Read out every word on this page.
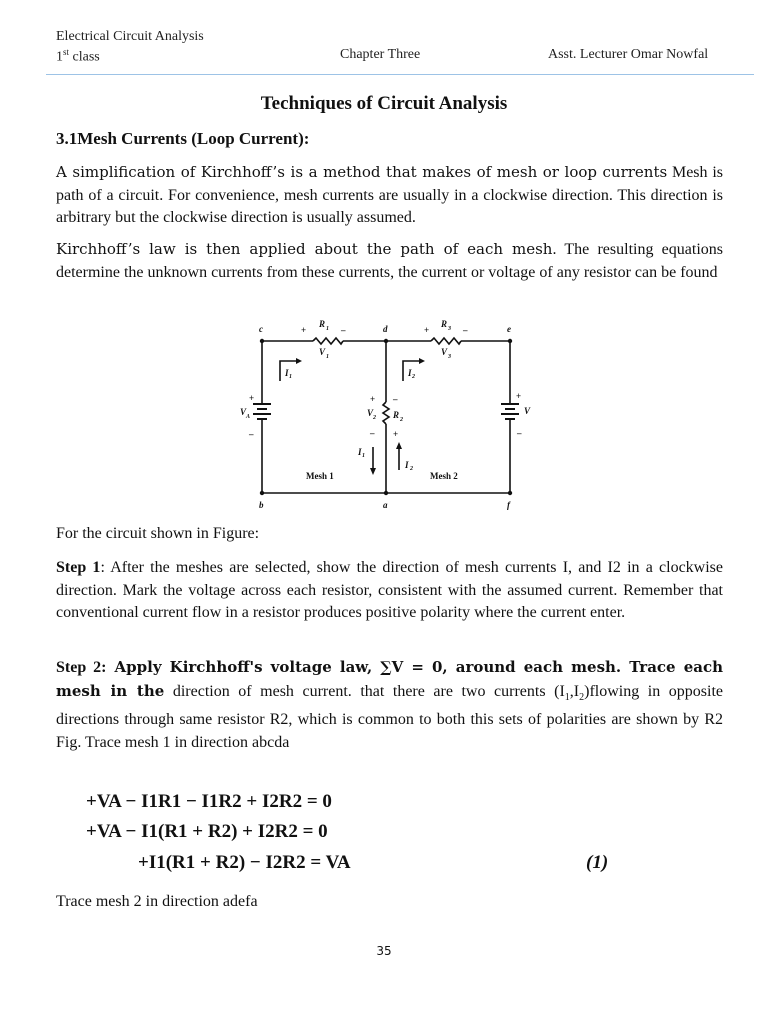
Electrical Circuit Analysis
1st class	Chapter Three	Asst. Lecturer Omar Nowfal
Techniques of Circuit Analysis
3.1Mesh Currents (Loop Current):
A simplification of Kirchhoff’s is a method that makes of mesh or loop currents Mesh is path of a circuit. For convenience, mesh currents are usually in a clockwise direction. This direction is arbitrary but the clockwise direction is usually assumed.
Kirchhoff’s law is then applied about the path of each mesh. The resulting equations determine the unknown currents from these currents, the current or voltage of any resistor can be found
c	d	e
b	a	f
+
R 1 –
V 1
+
R 3 –
V 3
I 1	I 2
+
V A
–
+
V
–
+
V 2
–
–
R 2
+
I 1
I 2
Mesh 1	Mesh 2
For the circuit shown in Figure:
Step 1: After the meshes are selected, show the direction of mesh currents I, and I2 in a clockwise direction. Mark the voltage across each resistor, consistent with the assumed current. Remember that conventional current flow in a resistor produces positive polarity where the current enter.
Step 2: Apply Kirchhoff's voltage law, ∑V = 0, around each mesh. Trace each mesh in the direction of mesh current. that there are two currents $(I_1,I_2)flowing$ in opposite directions through same resistor R2, which is common to both this sets of polarities are shown by R2 Fig. Trace mesh 1 in direction abcda
+VA − I1R1 − I1R2 + I2R2 = 0
+VA − I1(R1 + R2) + I2R2 = 0
+I1(R1 + R2) − I2R2 = VA	(1)
Trace mesh 2 in direction adefa
35
